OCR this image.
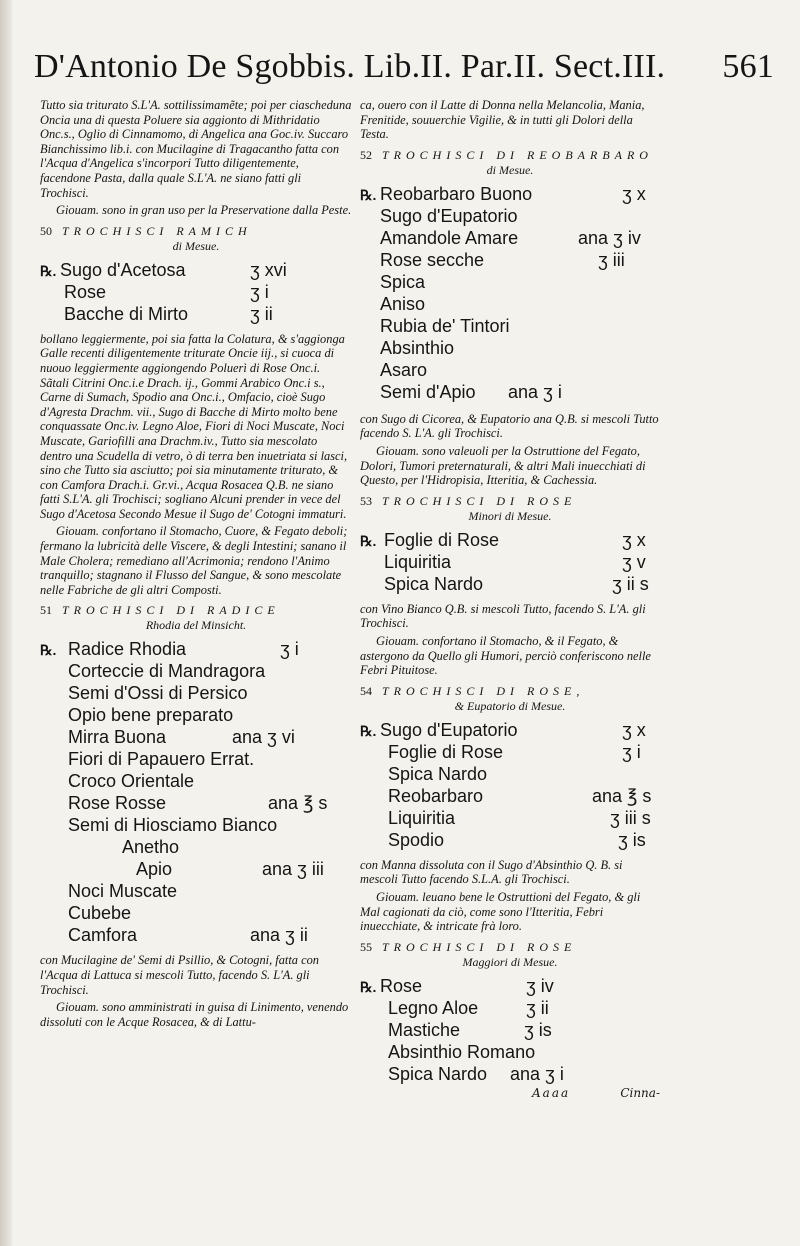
D'Antonio De Sgobbis. Lib.II. Par.II. Sect.III. 561

Tutto sia triturato S.L'A. sottilissimamẽte; poi per ciascheduna Oncia una di questa Poluere sia aggionto di Mithridatio Onc.s., Oglio di Cinnamomo, di Angelica ana Goc.iv. Succaro Bianchissimo lib.i. con Mucilagine di Tragacantho fatta con l'Acqua d'Angelica s'incorpori Tutto diligentemente, facendone Pasta, dalla quale S.L'A. ne siano fatti gli Trochisci.

Giouam. sono in gran uso per la Preservatione dalla Peste.

50 TROCHISCI RAMICH
di Mesue.
℞. Sugo d'Acetosa	ʒ xvi
Rose	ʒ i
Bacche di Mirto	ʒ ii

bollano leggiermente, poi sia fatta la Colatura, & s'aggionga Galle recenti diligentemente triturate Oncie iij., si cuoca di nuouo leggiermente aggiongendo Poluerì di Rose Onc.i. Sãtali Citrini Onc.i.e Drach. ij., Gommi Arabico Onc.i s., Carne di Sumach, Spodio ana Onc.i., Omfacio, cioè Sugo d'Agresta Drachm. vii., Sugo di Bacche di Mirto molto bene conquassate Onc.iv. Legno Aloe, Fiori di Noci Muscate, Noci Muscate, Gariofilli ana Drachm.iv., Tutto sia mescolato dentro una Scudella di vetro, ò di terra ben inuetriata si lasci, sino che Tutto sia asciutto; poi sia minutamente triturato, & con Camfora Drach.i. Gr.vi., Acqua Rosacea Q.B. ne siano fatti S.L'A. gli Trochisci; sogliano Alcuni prender in vece del Sugo d'Acetosa Secondo Mesue il Sugo de' Cotogni immaturi.

Giouam. confortano il Stomacho, Cuore, & Fegato deboli; fermano la lubricità delle Viscere, & degli Intestini; sanano il Male Cholera; remediano all'Acrimonia; rendono l'Animo tranquillo; stagnano il Flusso del Sangue, & sono mescolate nelle Fabriche de gli altri Composti.

51 TROCHISCI DI RADICE
Rhodia del Minsicht.
℞. Radice Rhodia	ʒ i
Corteccie di Mandragora
Semi d'Ossi di Persico
Opio bene preparato
Mirra Buona	ana ʒ vi
Fiori di Papauero Errat.
Croco Orientale
Rose Rosse	ana ℥ s
Semi di Hiosciamo Bianco
Anetho
Apio	ana ʒ iii
Noci Muscate
Cubebe
Camfora	ana ʒ ii

con Mucilagine de' Semi di Psillio, & Cotogni, fatta con l'Acqua di Lattuca si mescoli Tutto, facendo S. L'A. gli Trochisci.

Giouam. sono amministrati in guisa di Linimento, venendo dissoluti con le Acque Rosacea, & di Lattu-

ca, ouero con il Latte di Donna nella Melancolia, Mania, Frenitide, souuerchie Vigilie, & in tutti gli Dolori della Testa.

52 TROCHISCI DI REOBARBARO
di Mesue.
℞. Reobarbaro Buono	ʒ x
Sugo d'Eupatorio
Amandole Amare	ana ʒ iv
Rose secche	ʒ iii
Spica
Aniso
Rubia de' Tintori
Absinthio
Asaro
Semi d'Apio ana ʒ i

con Sugo di Cicorea, & Eupatorio ana Q.B. si mescoli Tutto facendo S. L'A. gli Trochisci.

Giouam. sono valeuoli per la Ostruttione del Fegato, Dolori, Tumori preternaturali, & altri Mali inuecchiati di Questo, per l'Hidropisia, Itteritia, & Cachessia.

53 TROCHISCI DI ROSE
Minori di Mesue.
℞. Foglie di Rose	ʒ x
Liquiritia	ʒ v
Spica Nardo	ʒ ii s

con Vino Bianco Q.B. si mescoli Tutto, facendo S. L'A. gli Trochisci.

Giouam. confortano il Stomacho, & il Fegato, & astergono da Quello gli Humori, perciò conferiscono nelle Febri Pituitose.

54 TROCHISCI DI ROSE,
& Eupatorio di Mesue.
℞. Sugo d'Eupatorio	ʒ x
Foglie di Rose	ʒ i
Spica Nardo
Reobarbaro	ana ℥ s
Liquiritia	ʒ iii s
Spodio	ʒ is

con Manna dissoluta con il Sugo d'Absinthio Q. B. si mescoli Tutto facendo S.L.A. gli Trochisci.

Giouam. leuano bene le Ostruttioni del Fegato, & gli Mal cagionati da ciò, come sono l'Itteritia, Febri inuecchiate, & intricate frà loro.

55 TROCHISCI DI ROSE
Maggiori di Mesue.
℞. Rose	ʒ iv
Legno Aloe	ʒ ii
Mastiche	ʒ is
Absinthio Romano
Spica Nardo ana ʒ i
Aaaa	Cinna-
